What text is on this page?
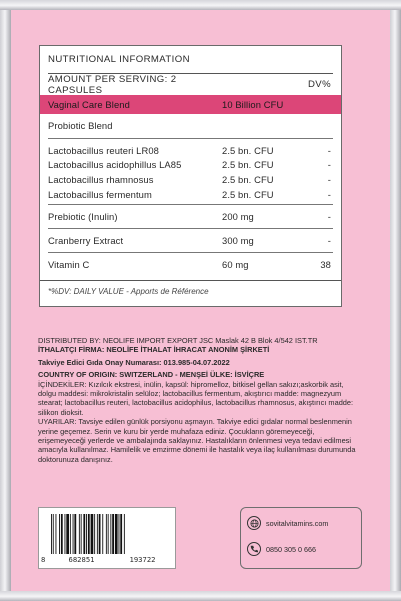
NUTRITIONAL INFORMATION
AMOUNT PER SERVING: 2 CAPSULES	DV%
Vaginal Care Blend	10 Billion CFU
Probiotic Blend
Lactobacillus reuteri LR08	2.5 bn. CFU	-
Lactobacillus acidophillus LA85	2.5 bn. CFU	-
Lactobacillus rhamnosus	2.5 bn. CFU	-
Lactobacillus fermentum	2.5 bn. CFU	-
Prebiotic (Inulin)	200 mg	-
Cranberry Extract	300 mg	-
Vitamin C	60 mg	38
*%DV: DAILY VALUE - Apports de Référence

DISTRIBUTED BY: NEOLIFE IMPORT EXPORT JSC Maslak 42 B Blok 4/542 IST.TR

İTHALATÇI FİRMA: NEOLİFE İTHALAT İHRACAT ANONİM ŞİRKETİ

Takviye Edici Gıda Onay Numarası: 013.985-04.07.2022

COUNTRY OF ORIGIN: SWITZERLAND - MENŞEİ ÜLKE: İSVİÇRE

İÇİNDEKİLER: Kızılcık ekstresi, inülin, kapsül: hipromelloz, bitkisel gellan sakızı;askorbik asit, dolgu maddesi: mikrokristalin selüloz; lactobacillus fermentum, akıştırıcı madde: magnezyum stearat; lactobacillus reuteri, lactobacillus acidophilus, lactobacillus rhamnosus, akıştırıcı madde: silikon dioksit.

UYARILAR: Tavsiye edilen günlük porsiyonu aşmayın. Takviye edici gıdalar normal beslenmenin yerine geçemez. Serin ve kuru bir yerde muhafaza ediniz. Çocukların göremeyeceği, erişemeyeceği yerlerde ve ambalajında saklayınız. Hastalıkların önlenmesi veya tedavi edilmesi amacıyla kullanılmaz. Hamilelik ve emzirme dönemi ile hastalık veya ilaç kullanılması durumunda doktorunuza danışınız.

8	682851	193722
sovitalvitamins.com
0850 305 0 666
